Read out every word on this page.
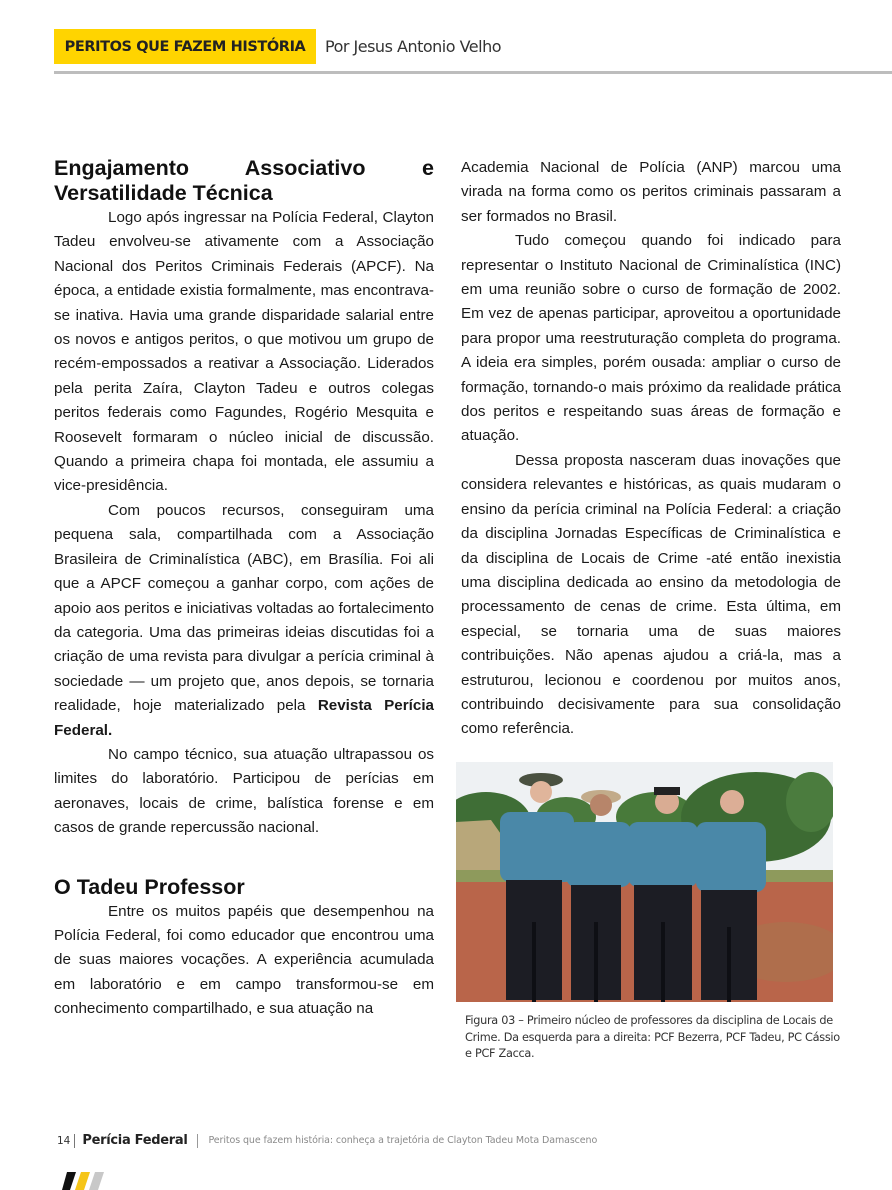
PERITOS QUE FAZEM HISTÓRIA Por Jesus Antonio Velho
Engajamento Associativo e Versatilidade Técnica

Logo após ingressar na Polícia Federal, Clayton Tadeu envolveu-se ativamente com a Associação Nacional dos Peritos Criminais Federais (APCF). Na época, a entidade existia formalmente, mas encontrava-se inativa. Havia uma grande disparidade salarial entre os novos e antigos peritos, o que motivou um grupo de recém-empossados a reativar a Associação. Liderados pela perita Zaíra, Clayton Tadeu e outros colegas peritos federais como Fagundes, Rogério Mesquita e Roosevelt formaram o núcleo inicial de discussão. Quando a primeira chapa foi montada, ele assumiu a vice-presidência.

Com poucos recursos, conseguiram uma pequena sala, compartilhada com a Associação Brasileira de Criminalística (ABC), em Brasília. Foi ali que a APCF começou a ganhar corpo, com ações de apoio aos peritos e iniciativas voltadas ao fortalecimento da categoria. Uma das primeiras ideias discutidas foi a criação de uma revista para divulgar a perícia criminal à sociedade — um projeto que, anos depois, se tornaria realidade, hoje materializado pela Revista Perícia Federal.

No campo técnico, sua atuação ultrapassou os limites do laboratório. Participou de perícias em aeronaves, locais de crime, balística forense e em casos de grande repercussão nacional.

O Tadeu Professor

Entre os muitos papéis que desempenhou na Polícia Federal, foi como educador que encontrou uma de suas maiores vocações. A experiência acumulada em laboratório e em campo transformou-se em conhecimento compartilhado, e sua atuação na

Academia Nacional de Polícia (ANP) marcou uma virada na forma como os peritos criminais passaram a ser formados no Brasil.

Tudo começou quando foi indicado para representar o Instituto Nacional de Criminalística (INC) em uma reunião sobre o curso de formação de 2002. Em vez de apenas participar, aproveitou a oportunidade para propor uma reestruturação completa do programa. A ideia era simples, porém ousada: ampliar o curso de formação, tornando-o mais próximo da realidade prática dos peritos e respeitando suas áreas de formação e atuação.

Dessa proposta nasceram duas inovações que considera relevantes e históricas, as quais mudaram o ensino da perícia criminal na Polícia Federal: a criação da disciplina Jornadas Específicas de Criminalística e da disciplina de Locais de Crime -até então inexistia uma disciplina dedicada ao ensino da metodologia de processamento de cenas de crime. Esta última, em especial, se tornaria uma de suas maiores contribuições. Não apenas ajudou a criá-la, mas a estruturou, lecionou e coordenou por muitos anos, contribuindo decisivamente para sua consolidação como referência.

Figura 03 – Primeiro núcleo de professores da disciplina de Locais de Crime. Da esquerda para a direita: PCF Bezerra, PCF Tadeu, PC Cássio e PCF Zacca.
14 Perícia Federal Peritos que fazem história: conheça a trajetória de Clayton Tadeu Mota Damasceno
